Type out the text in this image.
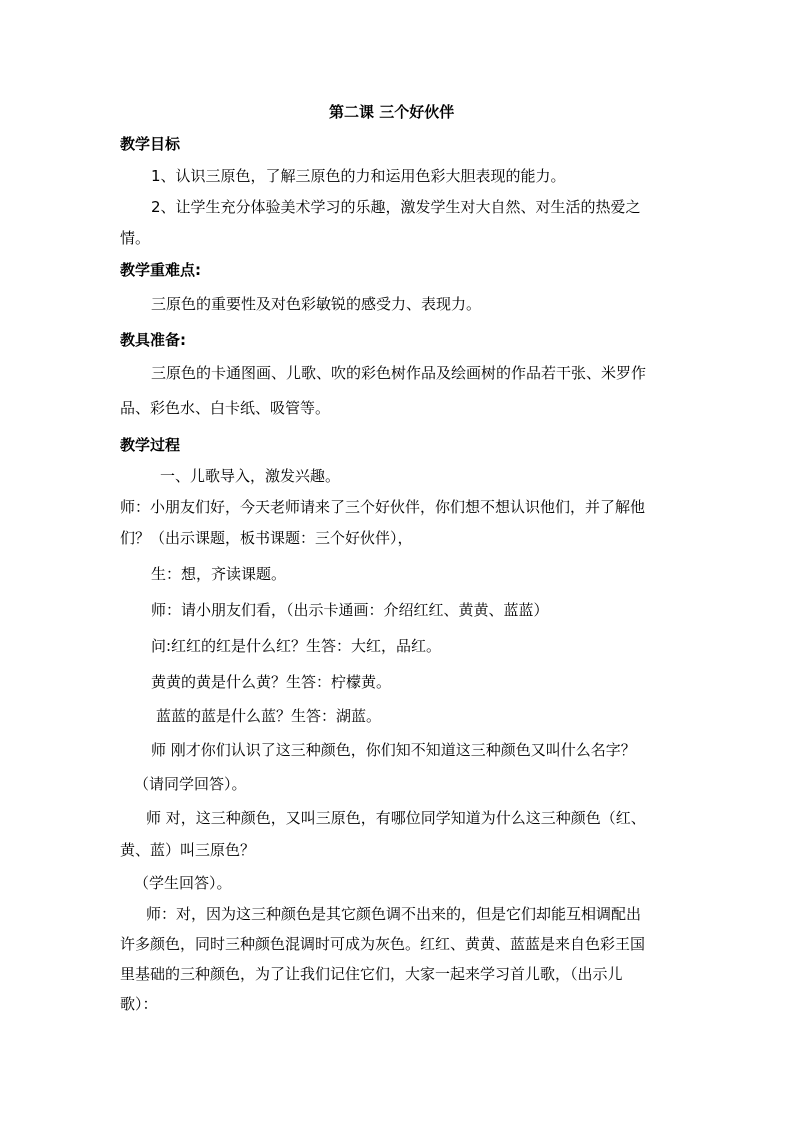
第二课 三个好伙伴

教学目标

1、认识三原色，了解三原色的力和运用色彩大胆表现的能力。

2、让学生充分体验美术学习的乐趣，激发学生对大自然、对生活的热爱之

情。

教学重难点:

三原色的重要性及对色彩敏锐的感受力、表现力。

教具准备:

三原色的卡通图画、儿歌、吹的彩色树作品及绘画树的作品若干张、米罗作

品、彩色水、白卡纸、吸管等。

教学过程

一、儿歌导入，激发兴趣。

师：小朋友们好，今天老师请来了三个好伙伴，你们想不想认识他们，并了解他

们？（出示课题，板书课题：三个好伙伴），

生：想，齐读课题。

师：请小朋友们看，（出示卡通画：介绍红红、黄黄、蓝蓝）

问:红红的红是什么红？生答：大红，品红。

黄黄的黄是什么黄？生答：柠檬黄。

蓝蓝的蓝是什么蓝？生答：湖蓝。

师 刚才你们认识了这三种颜色，你们知不知道这三种颜色又叫什么名字？

（请同学回答）。

师 对，这三种颜色，又叫三原色，有哪位同学知道为什么这三种颜色（红、

黄、蓝）叫三原色？

（学生回答）。

师：对，因为这三种颜色是其它颜色调不出来的，但是它们却能互相调配出

许多颜色，同时三种颜色混调时可成为灰色。红红、黄黄、蓝蓝是来自色彩王国

里基础的三种颜色，为了让我们记住它们，大家一起来学习首儿歌，（出示儿

歌）：
